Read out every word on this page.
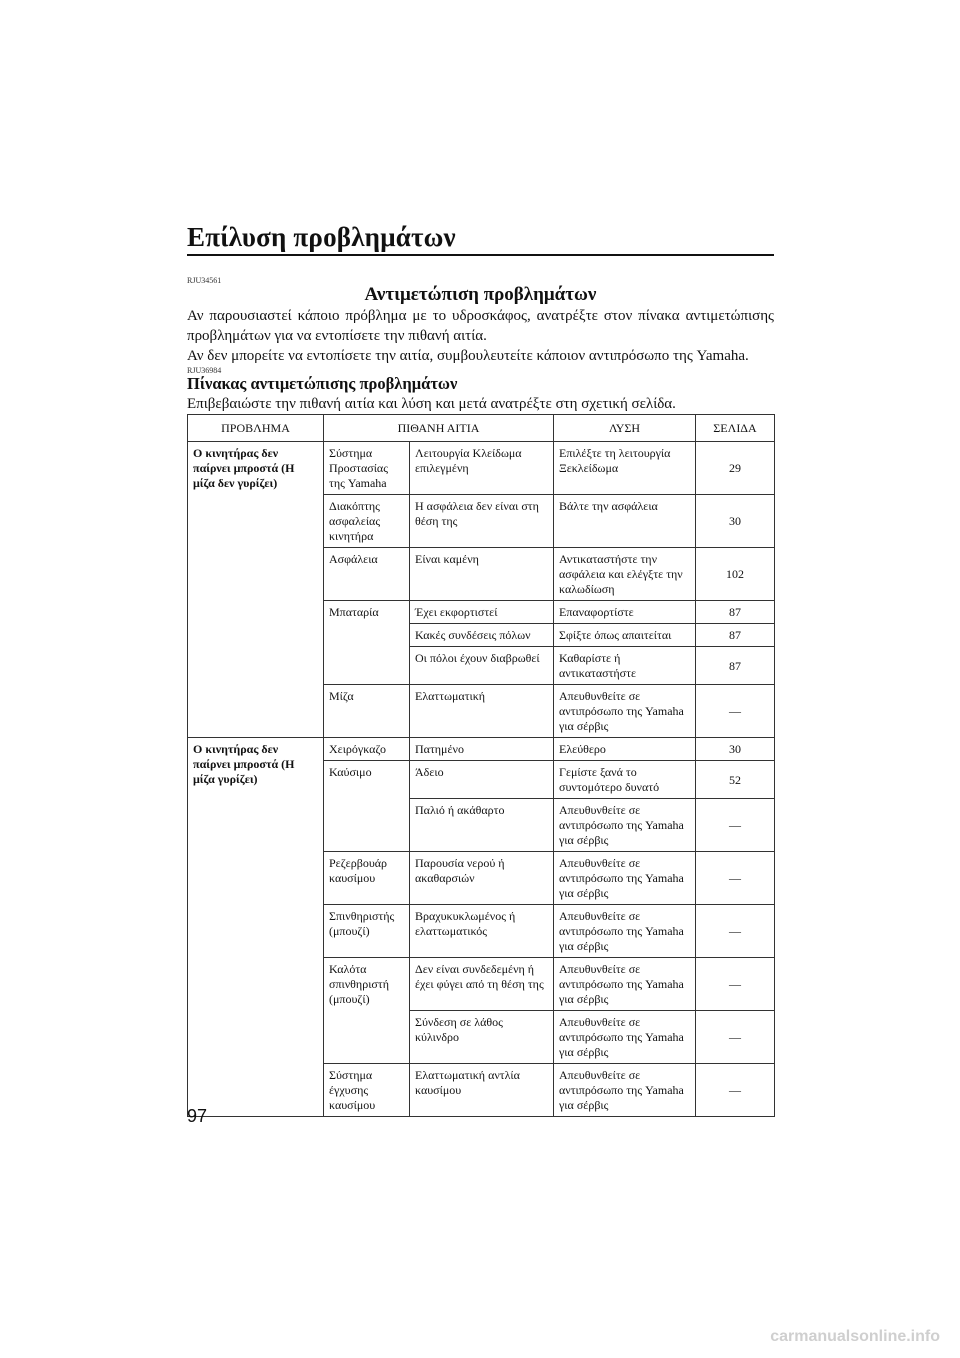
Επίλυση προβλημάτων
RJU34561
Αντιμετώπιση προβλημάτων
Αν παρουσιαστεί κάποιο πρόβλημα με το υδροσκάφος, ανατρέξτε στον πίνακα αντιμετώπισης προβλημάτων για να εντοπίσετε την πιθανή αιτία.
Αν δεν μπορείτε να εντοπίσετε την αιτία, συμβουλευτείτε κάποιον αντιπρόσωπο της Yamaha.
RJU36984
Πίνακας αντιμετώπισης προβλημάτων
Επιβεβαιώστε την πιθανή αιτία και λύση και μετά ανατρέξτε στη σχετική σελίδα.
ΠΡΟΒΛΗΜΑ	ΠΙΘΑΝΗ ΑΙΤΙΑ		ΛΥΣΗ	ΣΕΛΙΔΑ
Ο κινητήρας δεν παίρνει μπροστά (Η μίζα δεν γυρίζει)	Σύστημα Προστασίας της Yamaha	Λειτουργία Κλείδωμα επιλεγμένη	Επιλέξτε τη λειτουργία Ξεκλείδωμα	29
	Διακόπτης ασφαλείας κινητήρα	Η ασφάλεια δεν είναι στη θέση της	Βάλτε την ασφάλεια	30
	Ασφάλεια	Είναι καμένη	Αντικαταστήστε την ασφάλεια και ελέγξτε την καλωδίωση	102
	Μπαταρία	Έχει εκφορτιστεί	Επαναφορτίστε	87
		Κακές συνδέσεις πόλων	Σφίξτε όπως απαιτείται	87
		Οι πόλοι έχουν διαβρωθεί	Καθαρίστε ή αντικαταστήστε	87
	Μίζα	Ελαττωματική	Απευθυνθείτε σε αντιπρόσωπο της Yamaha για σέρβις	—
Ο κινητήρας δεν παίρνει μπροστά (Η μίζα γυρίζει)	Χειρόγκαζο	Πατημένο	Ελεύθερο	30
	Καύσιμο	Άδειο	Γεμίστε ξανά το συντομότερο δυνατό	52
		Παλιό ή ακάθαρτο	Απευθυνθείτε σε αντιπρόσωπο της Yamaha για σέρβις	—
	Ρεζερβουάρ καυσίμου	Παρουσία νερού ή ακαθαρσιών	Απευθυνθείτε σε αντιπρόσωπο της Yamaha για σέρβις	—
	Σπινθηριστής (μπουζί)	Βραχυκυκλωμένος ή ελαττωματικός	Απευθυνθείτε σε αντιπρόσωπο της Yamaha για σέρβις	—
	Καλότα σπινθηριστή (μπουζί)	Δεν είναι συνδεδεμένη ή έχει φύγει από τη θέση της	Απευθυνθείτε σε αντιπρόσωπο της Yamaha για σέρβις	—
		Σύνδεση σε λάθος κύλινδρο	Απευθυνθείτε σε αντιπρόσωπο της Yamaha για σέρβις	—
	Σύστημα έγχυσης καυσίμου	Ελαττωματική αντλία καυσίμου	Απευθυνθείτε σε αντιπρόσωπο της Yamaha για σέρβις	—
97
carmanualsonline.info
